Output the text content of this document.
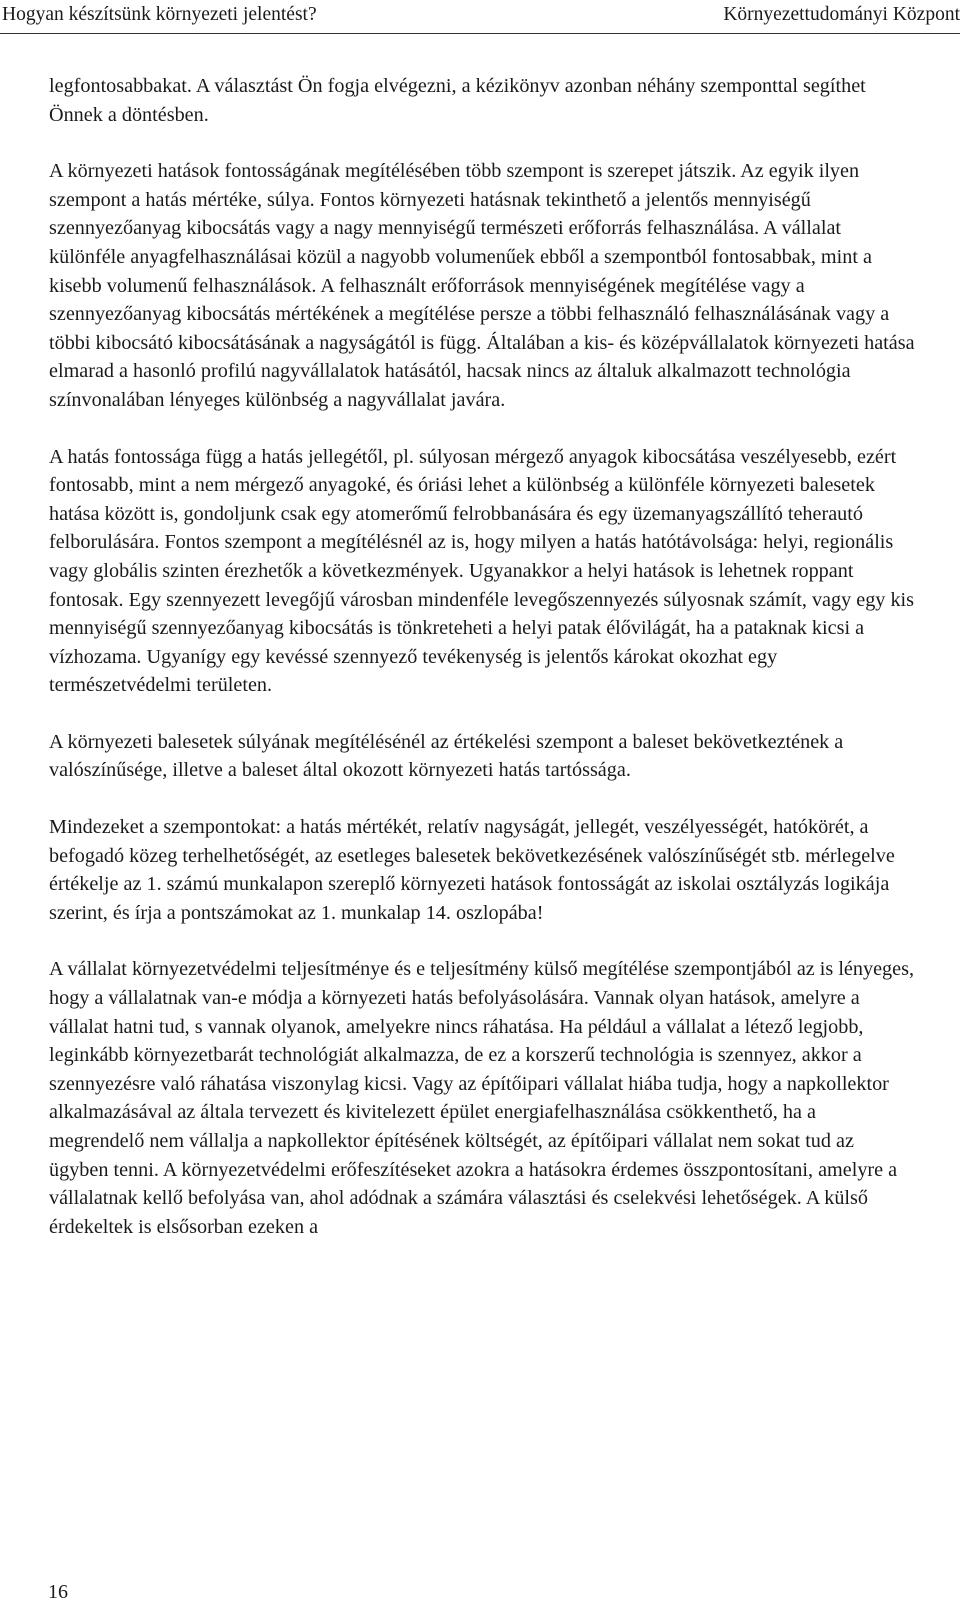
Hogyan készítsünk környezeti jelentést?	Környezettudományi Központ

legfontosabbakat. A választást Ön fogja elvégezni, a kézikönyv azonban néhány szemponttal segíthet Önnek a döntésben.

A környezeti hatások fontosságának megítélésében több szempont is szerepet játszik. Az egyik ilyen szempont a hatás mértéke, súlya. Fontos környezeti hatásnak tekinthető a jelentős mennyiségű szennyezőanyag kibocsátás vagy a nagy mennyiségű természeti erőforrás felhasználása. A vállalat különféle anyagfelhasználásai közül a nagyobb volumenűek ebből a szempontból fontosabbak, mint a kisebb volumenű felhasználások. A felhasznált erőforrások mennyiségének megítélése vagy a szennyezőanyag kibocsátás mértékének a megítélése persze a többi felhasználó felhasználásának vagy a többi kibocsátó kibocsátásának a nagyságától is függ. Általában a kis- és középvállalatok környezeti hatása elmarad a hasonló profilú nagyvállalatok hatásától, hacsak nincs az általuk alkalmazott technológia színvonalában lényeges különbség a nagyvállalat javára.

A hatás fontossága függ a hatás jellegétől, pl. súlyosan mérgező anyagok kibocsátása veszélyesebb, ezért fontosabb, mint a nem mérgező anyagoké, és óriási lehet a különbség a különféle környezeti balesetek hatása között is, gondoljunk csak egy atomerőmű felrobbanására és egy üzemanyagszállító teherautó felborulására. Fontos szempont a megítélésnél az is, hogy milyen a hatás hatótávolsága: helyi, regionális vagy globális szinten érezhetők a következmények. Ugyanakkor a helyi hatások is lehetnek roppant fontosak. Egy szennyezett levegőjű városban mindenféle levegőszennyezés súlyosnak számít, vagy egy kis mennyiségű szennyezőanyag kibocsátás is tönkreteheti a helyi patak élővilágát, ha a pataknak kicsi a vízhozama. Ugyanígy egy kevéssé szennyező tevékenység is jelentős károkat okozhat egy természetvédelmi területen.

A környezeti balesetek súlyának megítélésénél az értékelési szempont a baleset bekövetkeztének a valószínűsége, illetve a baleset által okozott környezeti hatás tartóssága.

Mindezeket a szempontokat: a hatás mértékét, relatív nagyságát, jellegét, veszélyességét, hatókörét, a befogadó közeg terhelhetőségét, az esetleges balesetek bekövetkezésének valószínűségét stb. mérlegelve értékelje az 1. számú munkalapon szereplő környezeti hatások fontosságát az iskolai osztályzás logikája szerint, és írja a pontszámokat az 1. munkalap 14. oszlopába!

A vállalat környezetvédelmi teljesítménye és e teljesítmény külső megítélése szempontjából az is lényeges, hogy a vállalatnak van-e módja a környezeti hatás befolyásolására. Vannak olyan hatások, amelyre a vállalat hatni tud, s vannak olyanok, amelyekre nincs ráhatása. Ha például a vállalat a létező legjobb, leginkább környezetbarát technológiát alkalmazza, de ez a korszerű technológia is szennyez, akkor a szennyezésre való ráhatása viszonylag kicsi. Vagy az építőipari vállalat hiába tudja, hogy a napkollektor alkalmazásával az általa tervezett és kivitelezett épület energiafelhasználása csökkenthető, ha a megrendelő nem vállalja a napkollektor építésének költségét, az építőipari vállalat nem sokat tud az ügyben tenni. A környezetvédelmi erőfeszítéseket azokra a hatásokra érdemes összpontosítani, amelyre a vállalatnak kellő befolyása van, ahol adódnak a számára választási és cselekvési lehetőségek. A külső érdekeltek is elsősorban ezeken a

16
